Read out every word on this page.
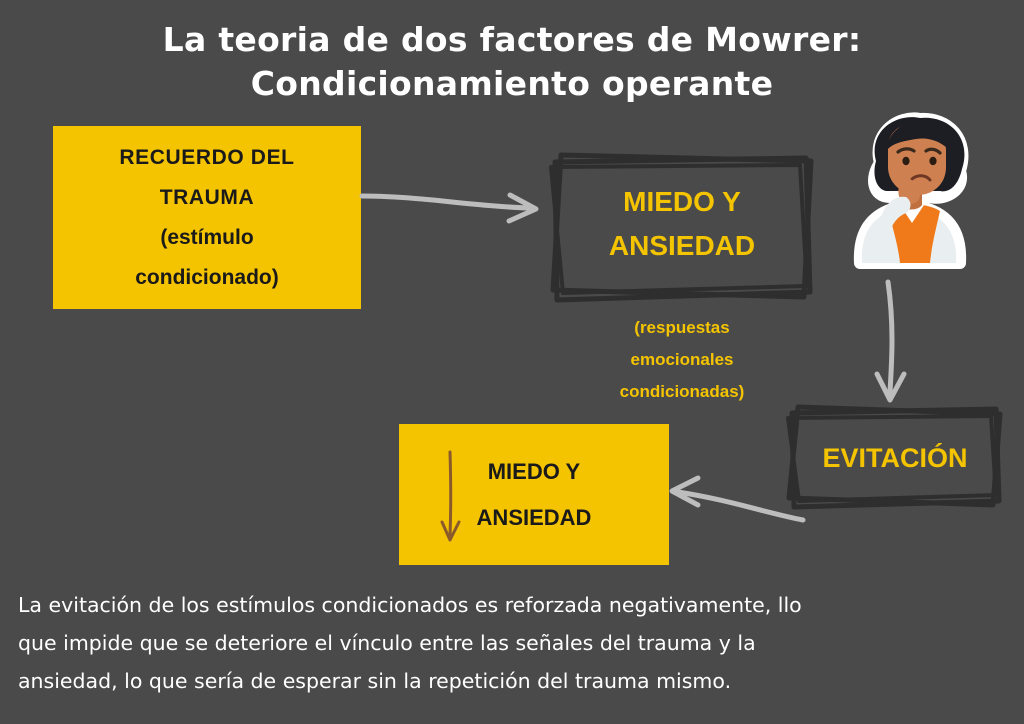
La teoria de dos factores de Mowrer:
Condicionamiento operante
RECUERDO DEL
TRAUMA
(estímulo
condicionado)
MIEDO Y
ANSIEDAD
(respuestas
emocionales
condicionadas)
EVITACIÓN
MIEDO Y
ANSIEDAD
La evitación de los estímulos condicionados es reforzada negativamente, llo
que impide que se deteriore el vínculo entre las señales del trauma y la
ansiedad, lo que sería de esperar sin la repetición del trauma mismo.
